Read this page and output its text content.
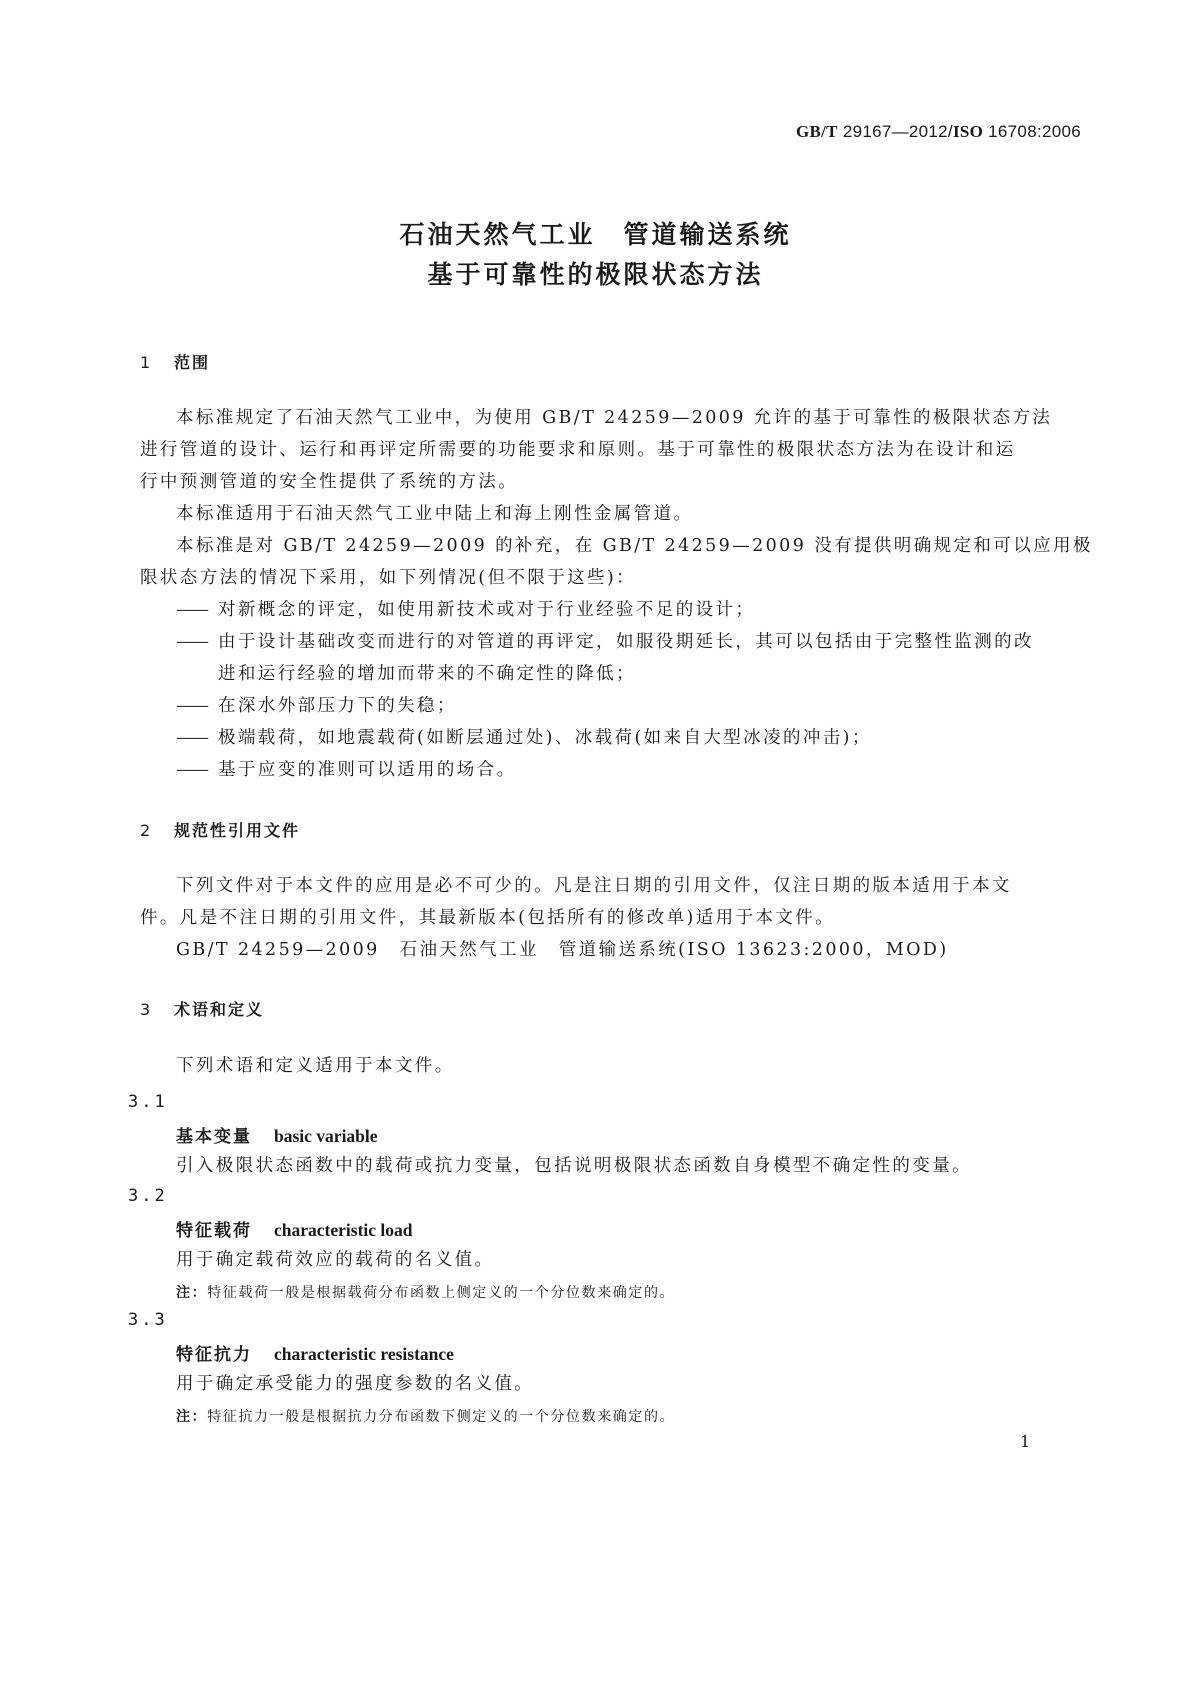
GB/T 29167—2012/ISO 16708:2006
石油天然气工业　管道输送系统
基于可靠性的极限状态方法
1 范围
本标准规定了石油天然气工业中，为使用 GB/T 24259—2009 允许的基于可靠性的极限状态方法
进行管道的设计、运行和再评定所需要的功能要求和原则。基于可靠性的极限状态方法为在设计和运
行中预测管道的安全性提供了系统的方法。
本标准适用于石油天然气工业中陆上和海上刚性金属管道。
本标准是对 GB/T 24259—2009 的补充，在 GB/T 24259—2009 没有提供明确规定和可以应用极
限状态方法的情况下采用，如下列情况(但不限于这些)：
—— 对新概念的评定，如使用新技术或对于行业经验不足的设计；
—— 由于设计基础改变而进行的对管道的再评定，如服役期延长，其可以包括由于完整性监测的改
进和运行经验的增加而带来的不确定性的降低；
—— 在深水外部压力下的失稳；
—— 极端载荷，如地震载荷(如断层通过处)、冰载荷(如来自大型冰凌的冲击)；
—— 基于应变的准则可以适用的场合。
2 规范性引用文件
下列文件对于本文件的应用是必不可少的。凡是注日期的引用文件，仅注日期的版本适用于本文
件。凡是不注日期的引用文件，其最新版本(包括所有的修改单)适用于本文件。
GB/T 24259—2009　石油天然气工业　管道输送系统(ISO 13623:2000，MOD)
3 术语和定义
下列术语和定义适用于本文件。
3.1
基本变量 basic variable
引入极限状态函数中的载荷或抗力变量，包括说明极限状态函数自身模型不确定性的变量。
3.2
特征载荷 characteristic load
用于确定载荷效应的载荷的名义值。
注：特征载荷一般是根据载荷分布函数上侧定义的一个分位数来确定的。
3.3
特征抗力 characteristic resistance
用于确定承受能力的强度参数的名义值。
注：特征抗力一般是根据抗力分布函数下侧定义的一个分位数来确定的。
1
